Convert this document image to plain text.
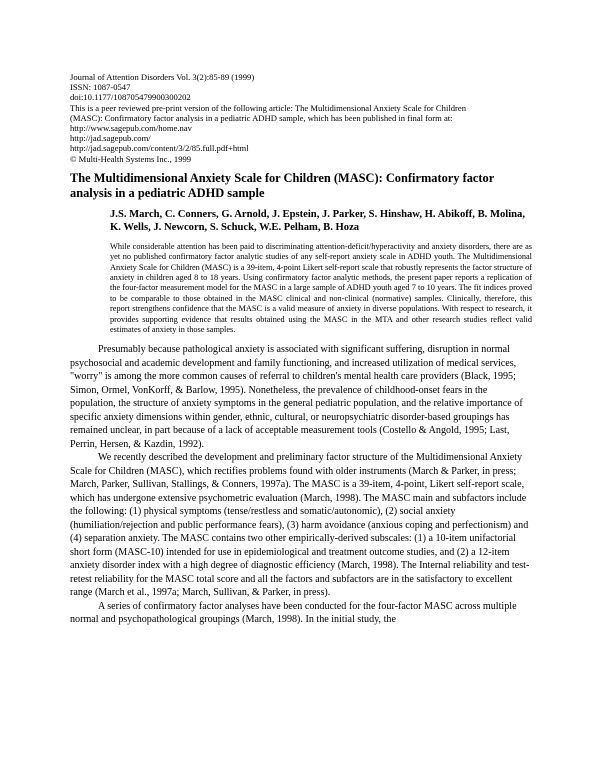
Journal of Attention Disorders Vol. 3(2):85-89 (1999)
ISSN: 1087-0547
doi:10.1177/108705479900300202
This is a peer reviewed pre-print version of the following article: The Multidimensional Anxiety Scale for Children
(MASC): Confirmatory factor analysis in a pediatric ADHD sample, which has been published in final form at:
http://www.sagepub.com/home.nav
http://jad.sagepub.com/
http://jad.sagepub.com/content/3/2/85.full.pdf+html
© Multi-Health Systems Inc., 1999
The Multidimensional Anxiety Scale for Children (MASC): Confirmatory factor analysis in a pediatric ADHD sample
J.S. March, C. Conners, G. Arnold, J. Epstein, J. Parker, S. Hinshaw, H. Abikoff, B. Molina, K. Wells, J. Newcorn, S. Schuck, W.E. Pelham, B. Hoza
While considerable attention has been paid to discriminating attention-deficit/hyperactivity and anxiety disorders, there are as yet no published confirmatory factor analytic studies of any self-report anxiety scale in ADHD youth. The Multidimensional Anxiety Scale for Children (MASC) is a 39-item, 4-point Likert self-report scale that robustly represents the factor structure of anxiety in children aged 8 to 18 years. Using confirmatory factor analytic methods, the present paper reports a replication of the four-factor measurement model for the MASC in a large sample of ADHD youth aged 7 to 10 years. The fit indices proved to be comparable to those obtained in the MASC clinical and non-clinical (normative) samples. Clinically, therefore, this report strengthens confidence that the MASC is a valid measure of anxiety in diverse populations. With respect to research, it provides supporting evidence that results obtained using the MASC in the MTA and other research studies reflect valid estimates of anxiety in those samples.

Presumably because pathological anxiety is associated with significant suffering, disruption in normal psychosocial and academic development and family functioning, and increased utilization of medical services, "worry" is among the more common causes of referral to children's mental health care providers (Black, 1995; Simon, Ormel, VonKorff, & Barlow, 1995). Nonetheless, the prevalence of childhood-onset fears in the population, the structure of anxiety symptoms in the general pediatric population, and the relative importance of specific anxiety dimensions within gender, ethnic, cultural, or neuropsychiatric disorder-based groupings has remained unclear, in part because of a lack of acceptable measurement tools (Costello & Angold, 1995; Last, Perrin, Hersen, & Kazdin, 1992).

We recently described the development and preliminary factor structure of the Multidimensional Anxiety Scale for Children (MASC), which rectifies problems found with older instruments (March & Parker, in press; March, Parker, Sullivan, Stallings, & Conners, 1997a). The MASC is a 39-item, 4-point, Likert self-report scale, which has undergone extensive psychometric evaluation (March, 1998). The MASC main and subfactors include the following: (1) physical symptoms (tense/restless and somatic/autonomic), (2) social anxiety (humiliation/rejection and public performance fears), (3) harm avoidance (anxious coping and perfectionism) and (4) separation anxiety. The MASC contains two other empirically-derived subscales: (1) a 10-item unifactorial short form (MASC-10) intended for use in epidemiological and treatment outcome studies, and (2) a 12-item anxiety disorder index with a high degree of diagnostic efficiency (March, 1998). The Internal reliability and test-retest reliability for the MASC total score and all the factors and subfactors are in the satisfactory to excellent range (March et al., 1997a; March, Sullivan, & Parker, in press).

A series of confirmatory factor analyses have been conducted for the four-factor MASC across multiple normal and psychopathological groupings (March, 1998). In the initial study, the
